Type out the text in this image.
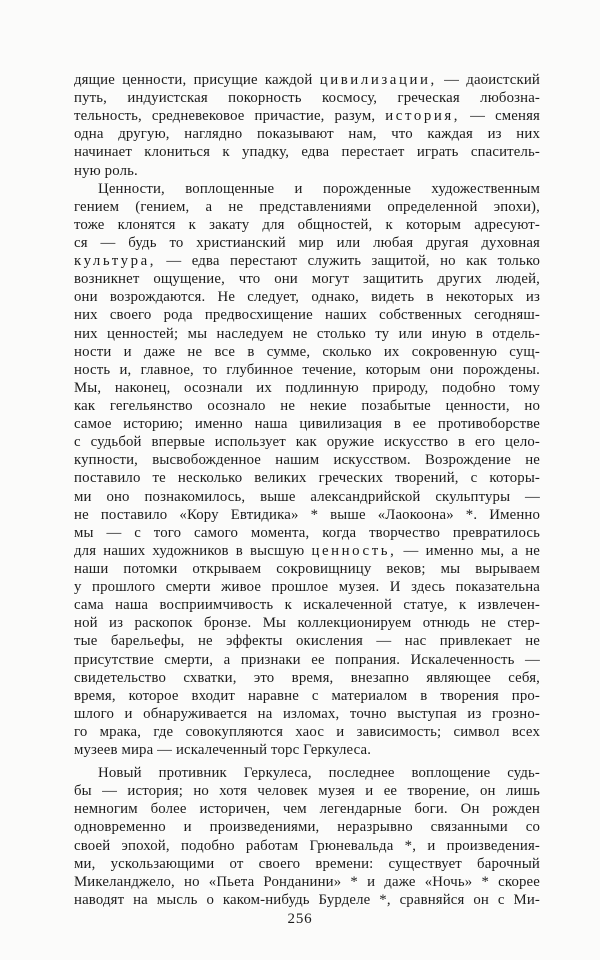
дящие ценности, присущие каждой цивилизации, — даоистский
путь, индуистская покорность космосу, греческая любозна-
тельность, средневековое причастие, разум, история, — сменяя
одна другую, наглядно показывают нам, что каждая из них
начинает клониться к упадку, едва перестает играть спаситель-
ную роль.
Ценности, воплощенные и порожденные художественным
гением (гением, а не представлениями определенной эпохи),
тоже клонятся к закату для общностей, к которым адресуют-
ся — будь то христианский мир или любая другая духовная
культура, — едва перестают служить защитой, но как только
возникнет ощущение, что они могут защитить других людей,
они возрождаются. Не следует, однако, видеть в некоторых из
них своего рода предвосхищение наших собственных сегодняш-
них ценностей; мы наследуем не столько ту или иную в отдель-
ности и даже не все в сумме, сколько их сокровенную сущ-
ность и, главное, то глубинное течение, которым они порождены.
Мы, наконец, осознали их подлинную природу, подобно тому
как гегельянство осознало не некие позабытые ценности, но
самое историю; именно наша цивилизация в ее противоборстве
с судьбой впервые использует как оружие искусство в его цело-
купности, высвобожденное нашим искусством. Возрождение не
поставило те несколько великих греческих творений, с которы-
ми оно познакомилось, выше александрийской скульптуры —
не поставило «Кору Евтидика» * выше «Лаокоона» *. Именно
мы — с того самого момента, когда творчество превратилось
для наших художников в высшую ценность, — именно мы, а не
наши потомки открываем сокровищницу веков; мы вырываем
у прошлого смерти живое прошлое музея. И здесь показательна
сама наша восприимчивость к искалеченной статуе, к извлечен-
ной из раскопок бронзе. Мы коллекционируем отнюдь не стер-
тые барельефы, не эффекты окисления — нас привлекает не
присутствие смерти, а признаки ее попрания. Искалеченность —
свидетельство схватки, это время, внезапно являющее себя,
время, которое входит наравне с материалом в творения про-
шлого и обнаруживается на изломах, точно выступая из грозно-
го мрака, где совокупляются хаос и зависимость; символ всех
музеев мира — искалеченный торс Геркулеса.
Новый противник Геркулеса, последнее воплощение судь-
бы — история; но хотя человек музея и ее творение, он лишь
немногим более историчен, чем легендарные боги. Он рожден
одновременно и произведениями, неразрывно связанными со
своей эпохой, подобно работам Грюневальда *, и произведения-
ми, ускользающими от своего времени: существует барочный
Микеланджело, но «Пьета Ронданини» * и даже «Ночь» * скорее
наводят на мысль о каком-нибудь Бурделе *, сравняйся он с Ми-
256
